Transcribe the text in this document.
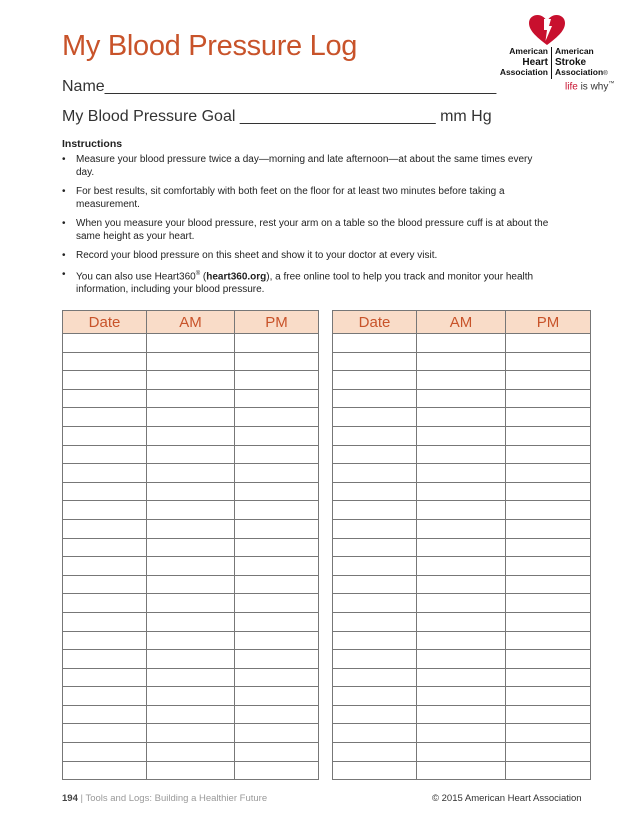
My Blood Pressure Log	American
Heart
Association
American
Stroke
Association®
life is why™
Name____________________________________________
My Blood Pressure Goal ______________________ mm Hg
Instructions
• Measure your blood pressure twice a day—morning and late afternoon—at about the same times every day.
• For best results, sit comfortably with both feet on the floor for at least two minutes before taking a measurement.
• When you measure your blood pressure, rest your arm on a table so the blood pressure cuff is at about the same height as your heart.
• Record your blood pressure on this sheet and show it to your doctor at every visit.
• You can also use Heart360® (heart360.org), a free online tool to help you track and monitor your health information, including your blood pressure.
Date	AM	PM

			Date	AM	PM

194 | Tools and Logs: Building a Healthier Future	© 2015 American Heart Association
